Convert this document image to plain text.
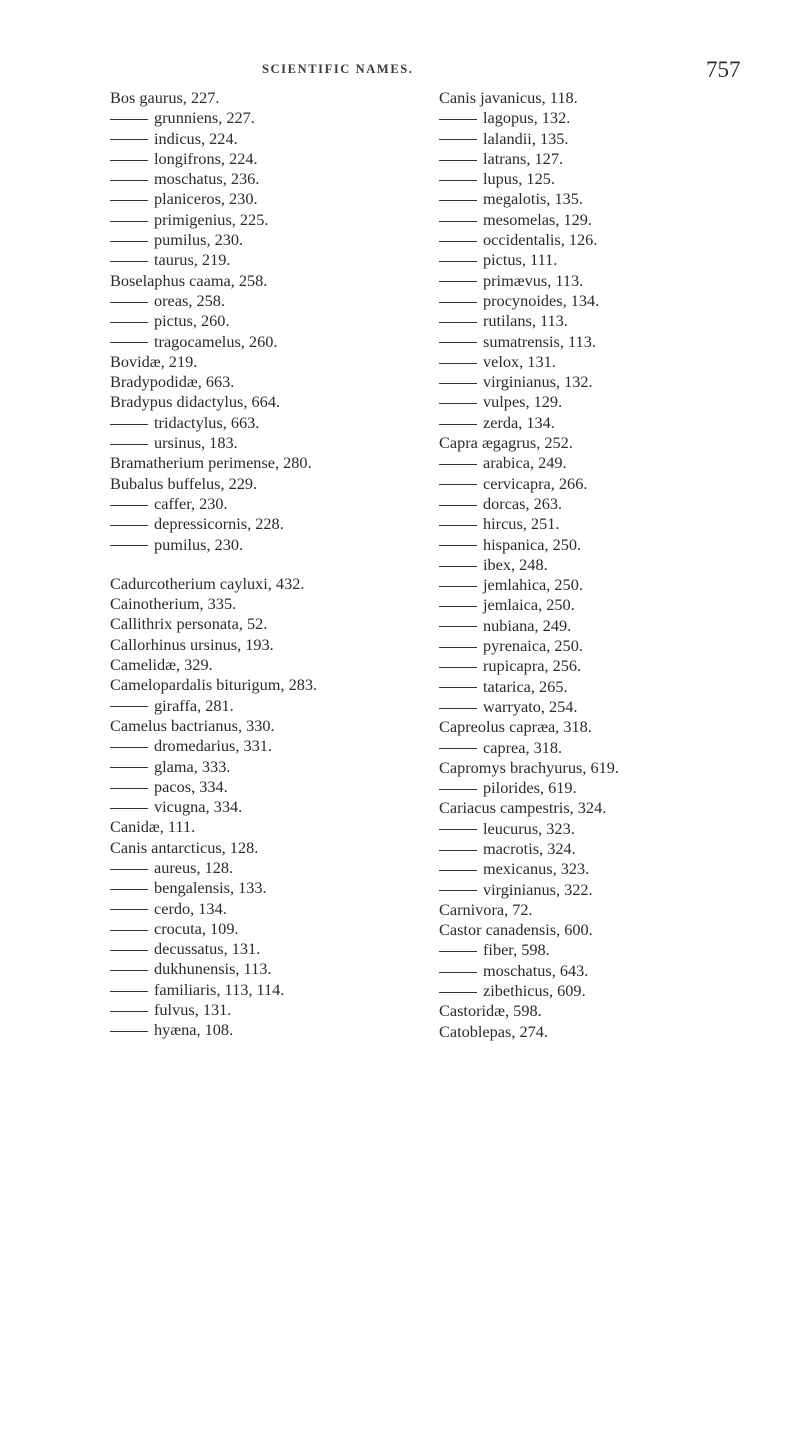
SCIENTIFIC NAMES.	757
Bos gaurus, 227.
grunniens, 227.
indicus, 224.
longifrons, 224.
moschatus, 236.
planiceros, 230.
primigenius, 225.
pumilus, 230.
taurus, 219.
Boselaphus caama, 258.
oreas, 258.
pictus, 260.
tragocamelus, 260.
Bovidæ, 219.
Bradypodidæ, 663.
Bradypus didactylus, 664.
tridactylus, 663.
ursinus, 183.
Bramatherium perimense, 280.
Bubalus buffelus, 229.
caffer, 230.
depressicornis, 228.
pumilus, 230.
Cadurcotherium cayluxi, 432.
Cainotherium, 335.
Callithrix personata, 52.
Callorhinus ursinus, 193.
Camelidæ, 329.
Camelopardalis biturigum, 283.
giraffa, 281.
Camelus bactrianus, 330.
dromedarius, 331.
glama, 333.
pacos, 334.
vicugna, 334.
Canidæ, 111.
Canis antarcticus, 128.
aureus, 128.
bengalensis, 133.
cerdo, 134.
crocuta, 109.
decussatus, 131.
dukhunensis, 113.
familiaris, 113, 114.
fulvus, 131.
hyæna, 108.
Canis javanicus, 118.
lagopus, 132.
lalandii, 135.
latrans, 127.
lupus, 125.
megalotis, 135.
mesomelas, 129.
occidentalis, 126.
pictus, 111.
primævus, 113.
procynoides, 134.
rutilans, 113.
sumatrensis, 113.
velox, 131.
virginianus, 132.
vulpes, 129.
zerda, 134.
Capra ægagrus, 252.
arabica, 249.
cervicapra, 266.
dorcas, 263.
hircus, 251.
hispanica, 250.
ibex, 248.
jemlahica, 250.
jemlaica, 250.
nubiana, 249.
pyrenaica, 250.
rupicapra, 256.
tatarica, 265.
warryato, 254.
Capreolus capræa, 318.
caprea, 318.
Capromys brachyurus, 619.
pilorides, 619.
Cariacus campestris, 324.
leucurus, 323.
macrotis, 324.
mexicanus, 323.
virginianus, 322.
Carnivora, 72.
Castor canadensis, 600.
fiber, 598.
moschatus, 643.
zibethicus, 609.
Castoridæ, 598.
Catoblepas, 274.
